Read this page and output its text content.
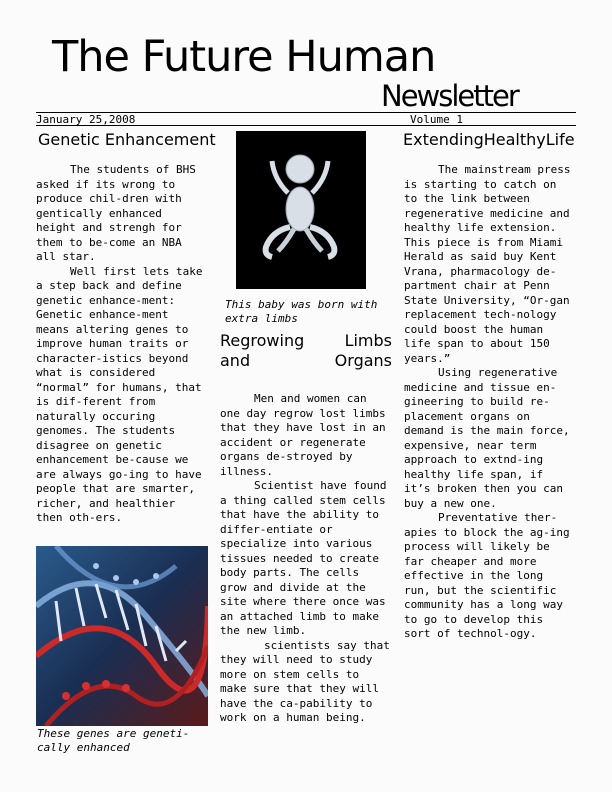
The Future Human
Newsletter
January 25,2008	Volume 1
Genetic Enhancement

The students of BHS asked if its wrong to produce chil-dren with gentically enhanced height and strengh for them to be-come an NBA all star.

Well first lets take a step back and define genetic enhance-ment: Genetic enhance-ment means altering genes to improve human traits or character-istics beyond what is considered “normal” for humans, that is dif-ferent from naturally occuring genomes. The students disagree on genetic enhancement be-cause we are always go-ing to have people that are smarter, richer, and healthier then oth-ers.

These genes are geneti-cally enhanced
This baby was born with extra limbs
Regrowing	Limbs
and	Organs

Men and women can one day regrow lost limbs that they have lost in an accident or regenerate organs de-stroyed by illness.

Scientist have found a thing called stem cells that have the ability to differ-entiate or specialize into various tissues needed to create body parts. The cells grow and divide at the site where there once was an attached limb to make the new limb.

scientists say that they will need to study more on stem cells to make sure that they will have the ca-pability to work on a human being.

ExtendingHealthyLife

The mainstream press is starting to catch on to the link between regenerative medicine and healthy life extension. This piece is from Miami Herald as said buy Kent Vrana, pharmacology de-partment chair at Penn State University, “Or-gan replacement tech-nology could boost the human life span to about 150 years.”

Using regenerative medicine and tissue en-gineering to build re-placement organs on demand is the main force, expensive, near term approach to extnd-ing healthy life span, if it’s broken then you can buy a new one.

Preventative ther-apies to block the ag-ing process will likely be far cheaper and more effective in the long run, but the scientific community has a long way to go to develop this sort of technol-ogy.
